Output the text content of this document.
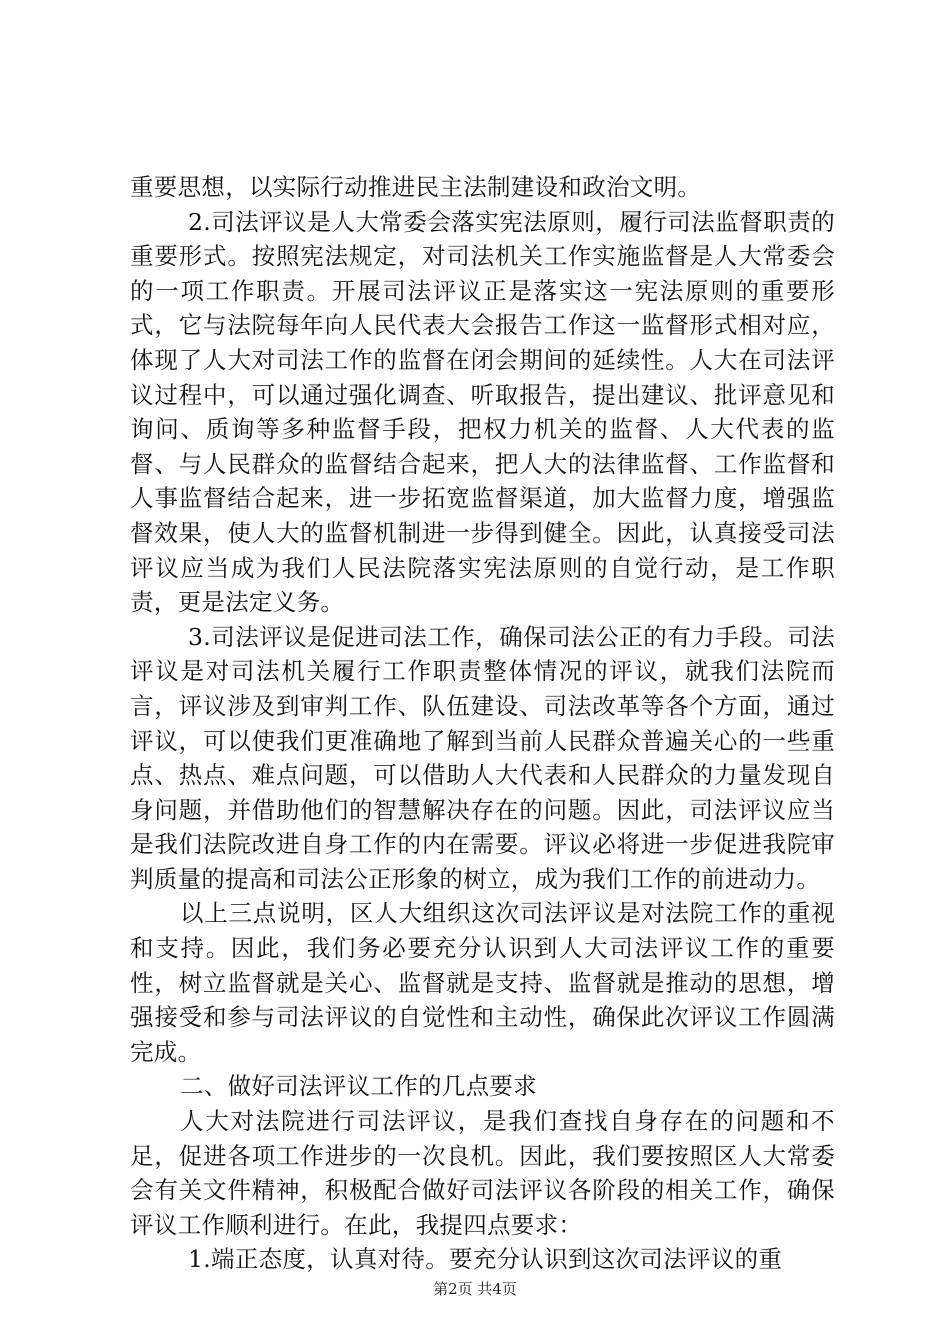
重要思想，以实际行动推进民主法制建设和政治文明。

2.司法评议是人大常委会落实宪法原则，履行司法监督职责的重要形式。按照宪法规定，对司法机关工作实施监督是人大常委会的一项工作职责。开展司法评议正是落实这一宪法原则的重要形式，它与法院每年向人民代表大会报告工作这一监督形式相对应，体现了人大对司法工作的监督在闭会期间的延续性。人大在司法评议过程中，可以通过强化调查、听取报告，提出建议、批评意见和询问、质询等多种监督手段，把权力机关的监督、人大代表的监督、与人民群众的监督结合起来，把人大的法律监督、工作监督和人事监督结合起来，进一步拓宽监督渠道，加大监督力度，增强监督效果，使人大的监督机制进一步得到健全。因此，认真接受司法评议应当成为我们人民法院落实宪法原则的自觉行动，是工作职责，更是法定义务。

3.司法评议是促进司法工作，确保司法公正的有力手段。司法评议是对司法机关履行工作职责整体情况的评议，就我们法院而言，评议涉及到审判工作、队伍建设、司法改革等各个方面，通过评议，可以使我们更准确地了解到当前人民群众普遍关心的一些重点、热点、难点问题，可以借助人大代表和人民群众的力量发现自身问题，并借助他们的智慧解决存在的问题。因此，司法评议应当是我们法院改进自身工作的内在需要。评议必将进一步促进我院审判质量的提高和司法公正形象的树立，成为我们工作的前进动力。

以上三点说明，区人大组织这次司法评议是对法院工作的重视和支持。因此，我们务必要充分认识到人大司法评议工作的重要性，树立监督就是关心、监督就是支持、监督就是推动的思想，增强接受和参与司法评议的自觉性和主动性，确保此次评议工作圆满完成。

二、做好司法评议工作的几点要求

人大对法院进行司法评议，是我们查找自身存在的问题和不足，促进各项工作进步的一次良机。因此，我们要按照区人大常委会有关文件精神，积极配合做好司法评议各阶段的相关工作，确保评议工作顺利进行。在此，我提四点要求：

1.端正态度，认真对待。要充分认识到这次司法评议的重

第2页 共4页
